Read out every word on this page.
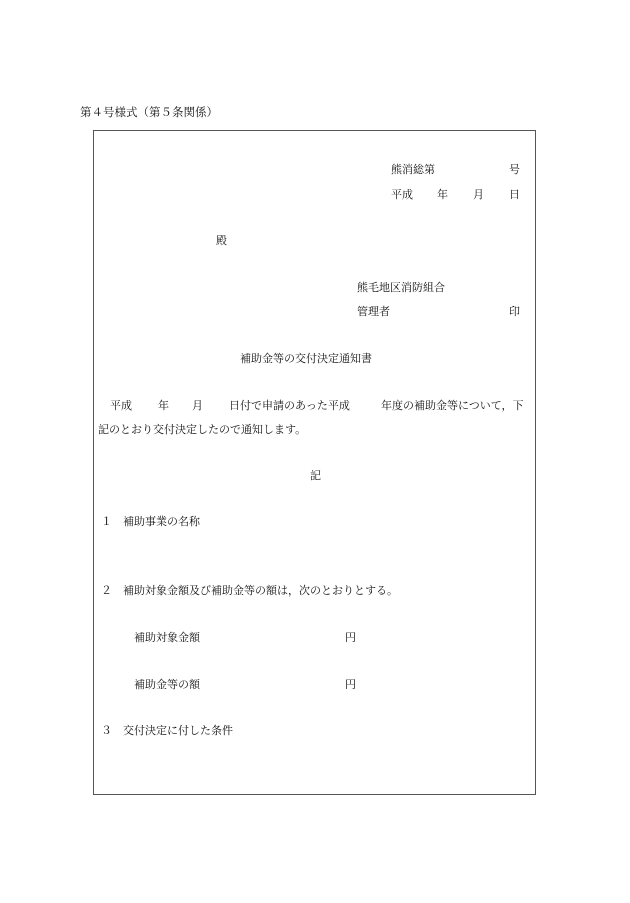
第４号様式（第５条関係）
熊消総第	号
平成 年 月 日
殿
熊毛地区消防組合
管理者	印
補助金等の交付決定通知書
平成 年 月 日付で申請のあった平成	年度の補助金等について，下
記のとおり交付決定したので通知します。
記
１ 補助事業の名称
２ 補助対象金額及び補助金等の額は，次のとおりとする。
補助対象金額	円
補助金等の額	円
３ 交付決定に付した条件
